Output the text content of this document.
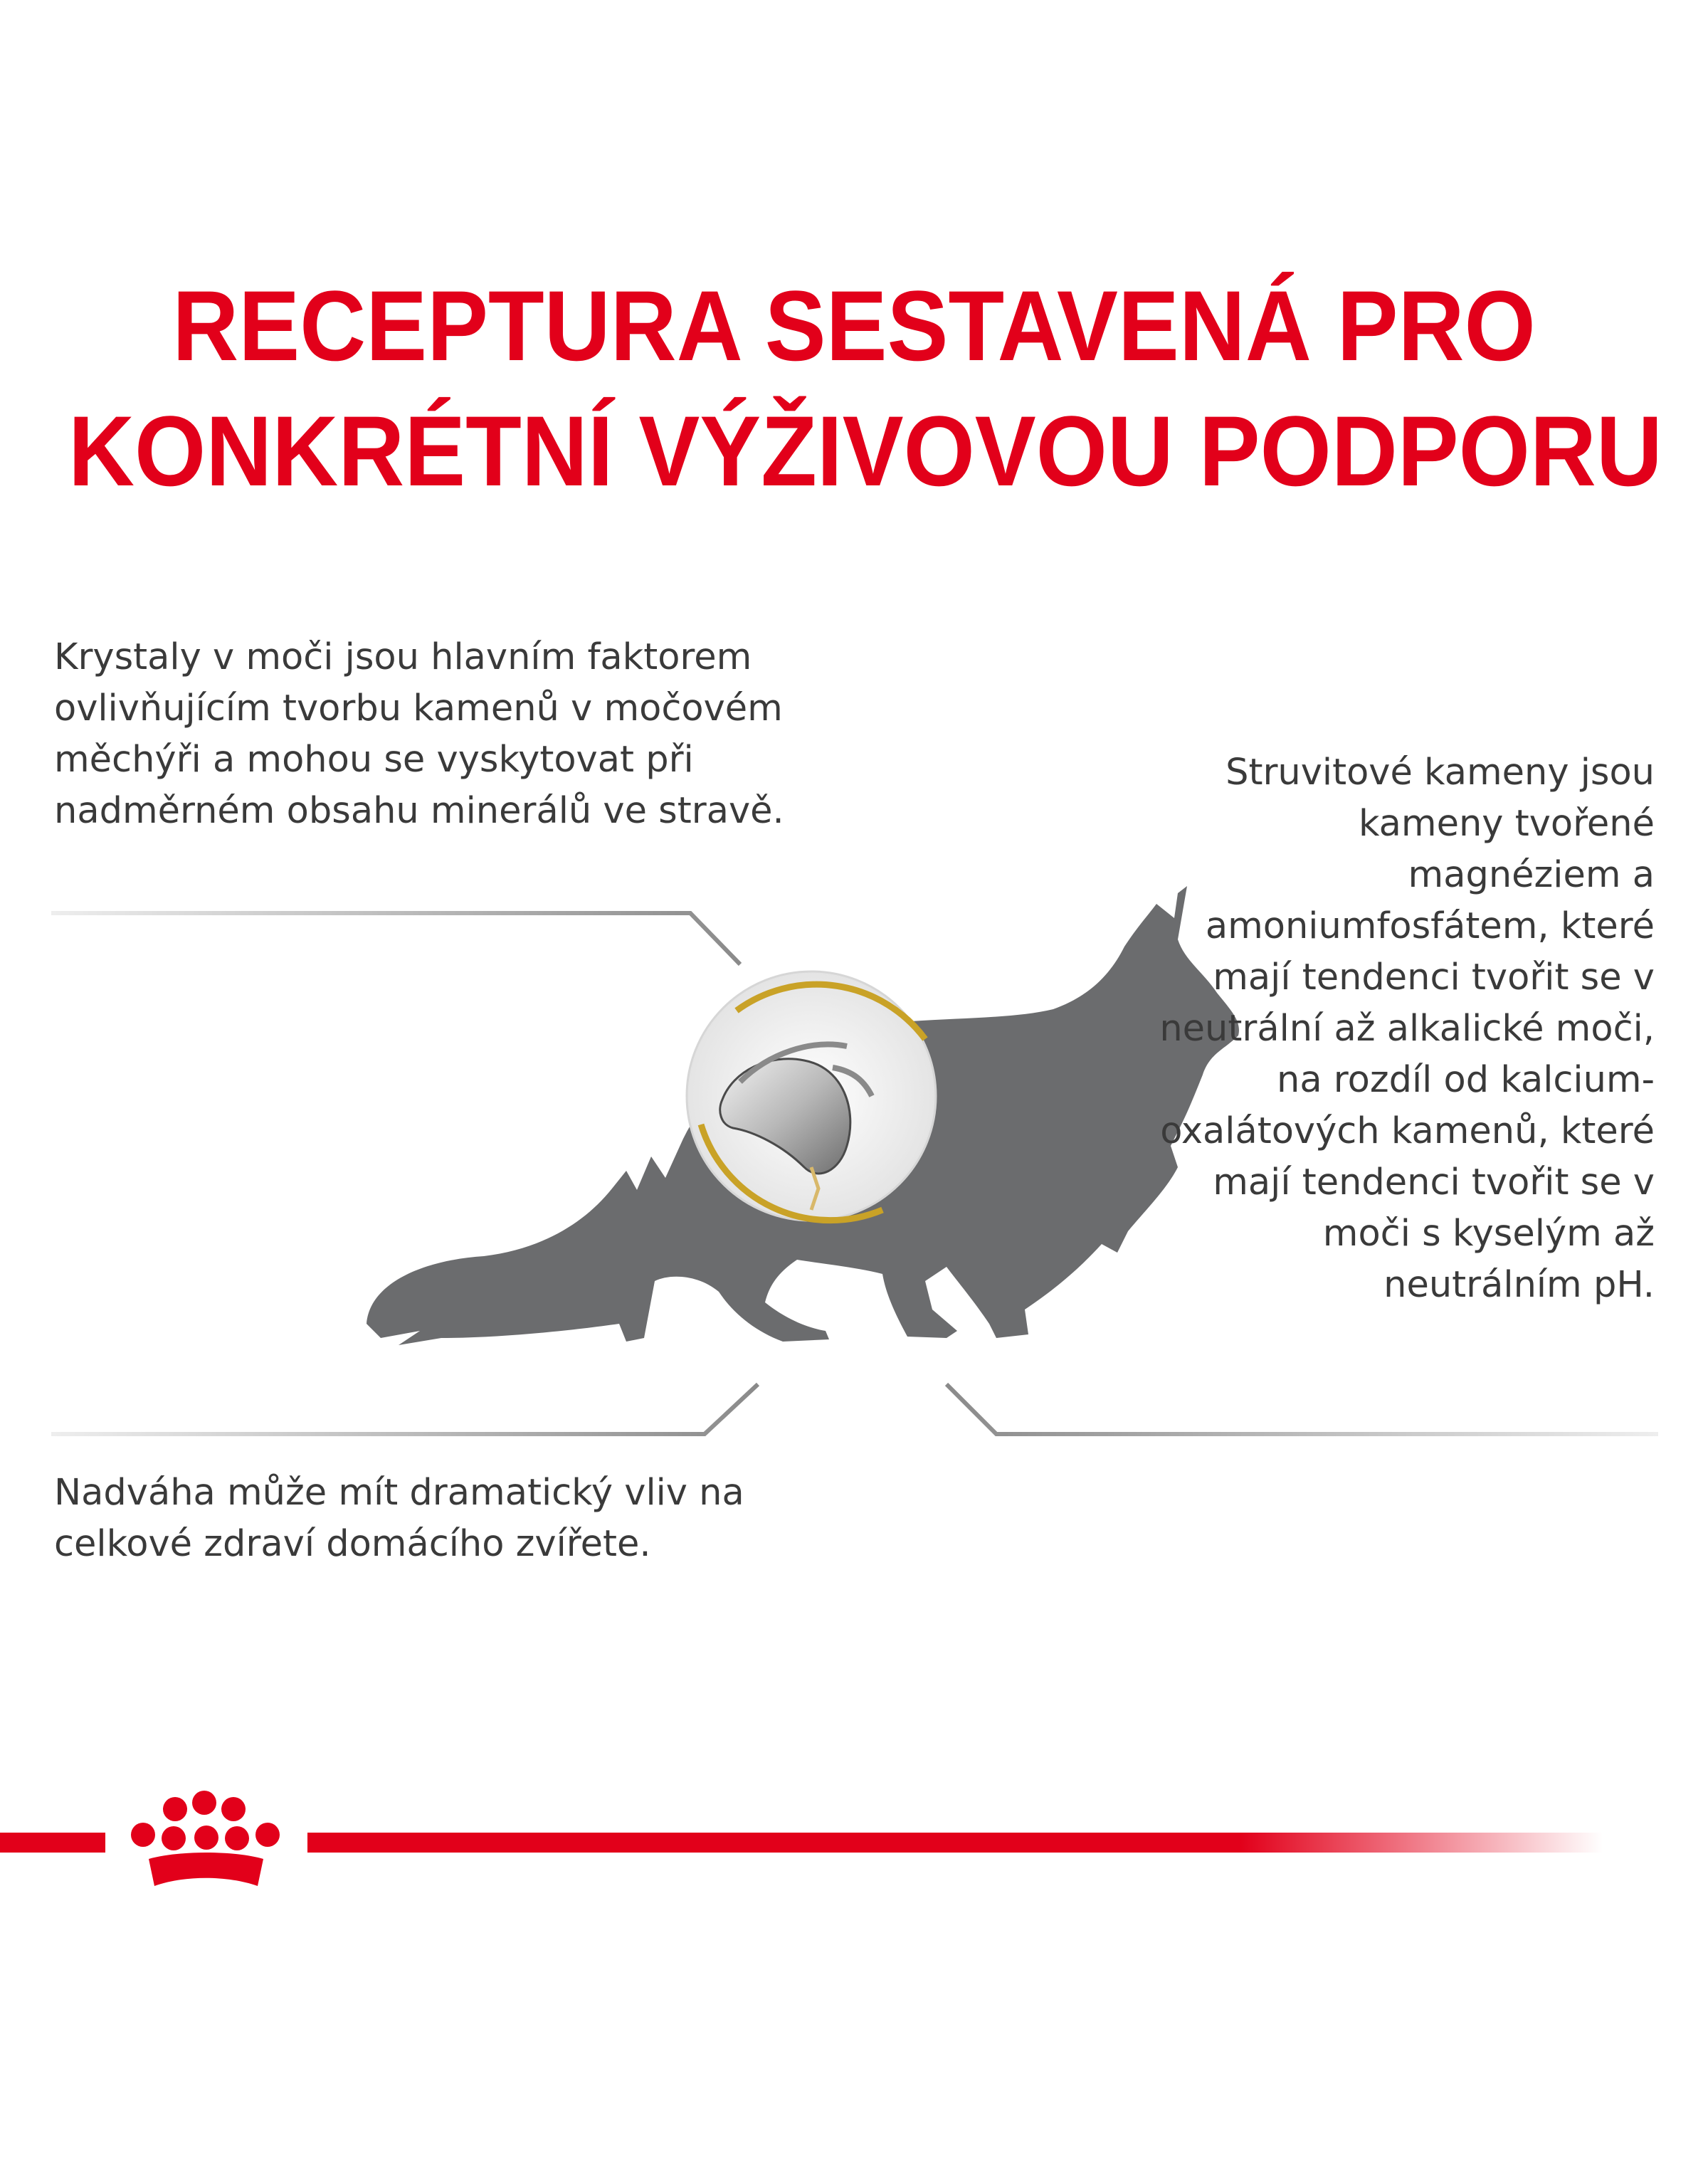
RECEPTURA SESTAVENÁ PRO
KONKRÉTNÍ VÝŽIVOVOU PODPORU
Krystaly v moči jsou hlavním faktorem ovlivňujícím tvorbu kamenů v močovém měchýři a mohou se vyskytovat při nadměrném obsahu minerálů ve stravě.
Struvitové kameny jsou kameny tvořené magnéziem a amoniumfosfátem, které mají tendenci tvořit se v neutrální až alkalické moči, na rozdíl od kalcium-oxalátových kamenů, které mají tendenci tvořit se v moči s kyselým až neutrálním pH.
Nadváha může mít dramatický vliv na celkové zdraví domácího zvířete.
